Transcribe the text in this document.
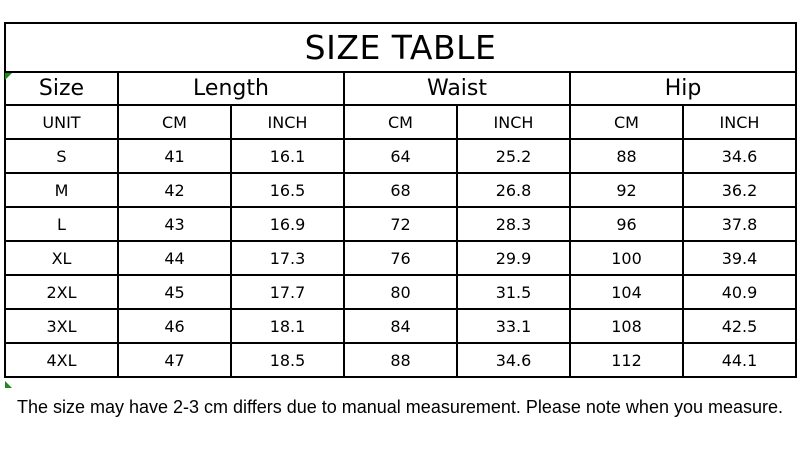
SIZE TABLE						
Size	Length		Waist		Hip	
UNIT	CM	INCH	CM	INCH	CM	INCH
S	41	16.1	64	25.2	88	34.6
M	42	16.5	68	26.8	92	36.2
L	43	16.9	72	28.3	96	37.8
XL	44	17.3	76	29.9	100	39.4
2XL	45	17.7	80	31.5	104	40.9
3XL	46	18.1	84	33.1	108	42.5
4XL	47	18.5	88	34.6	112	44.1
The size may have 2-3 cm differs due to manual measurement. Please note when you measure.
